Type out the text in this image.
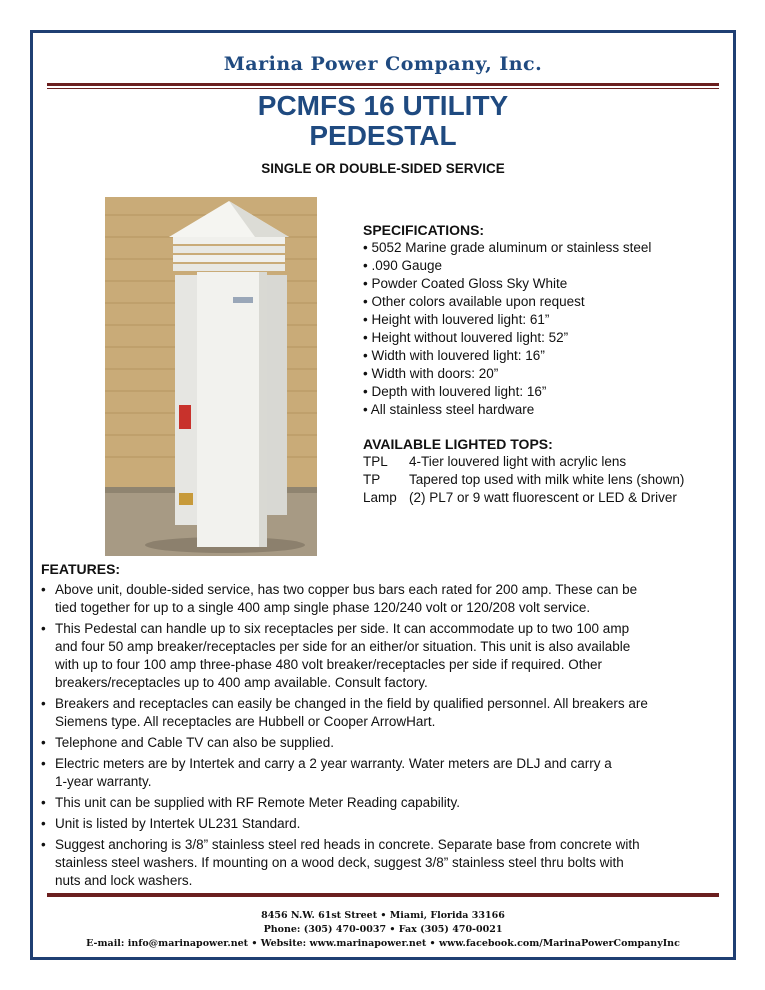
Marina Power Company, Inc.
PCMFS 16 UTILITY
PEDESTAL
SINGLE OR DOUBLE-SIDED SERVICE
SPECIFICATIONS:
• 5052 Marine grade aluminum or stainless steel
• .090 Gauge
• Powder Coated Gloss Sky White
• Other colors available upon request
• Height with louvered light: 61”
• Height without louvered light: 52”
• Width with louvered light: 16”
• Width with doors: 20”
• Depth with louvered light: 16”
• All stainless steel hardware
AVAILABLE LIGHTED TOPS:
TPL	4-Tier louvered light with acrylic lens
TP	Tapered top used with milk white lens (shown)
Lamp (2) PL7 or 9 watt fluorescent or LED & Driver
FEATURES:
• Above unit, double-sided service, has two copper bus bars each rated for 200 amp. These can be
tied together for up to a single 400 amp single phase 120/240 volt or 120/208 volt service.
• This Pedestal can handle up to six receptacles per side. It can accommodate up to two 100 amp
and four 50 amp breaker/receptacles per side for an either/or situation. This unit is also available
with up to four 100 amp three-phase 480 volt breaker/receptacles per side if required. Other
breakers/receptacles up to 400 amp available. Consult factory.
• Breakers and receptacles can easily be changed in the field by qualified personnel. All breakers are
Siemens type. All receptacles are Hubbell or Cooper ArrowHart.
• Telephone and Cable TV can also be supplied.
• Electric meters are by Intertek and carry a 2 year warranty. Water meters are DLJ and carry a
1-year warranty.
• This unit can be supplied with RF Remote Meter Reading capability.
• Unit is listed by Intertek UL231 Standard.
• Suggest anchoring is 3/8” stainless steel red heads in concrete. Separate base from concrete with
stainless steel washers. If mounting on a wood deck, suggest 3/8” stainless steel thru bolts with
nuts and lock washers.
8456 N.W. 61st Street • Miami, Florida 33166
Phone: (305) 470-0037 • Fax (305) 470-0021
E-mail: info@marinapower.net • Website: www.marinapower.net • www.facebook.com/MarinaPowerCompanyInc
